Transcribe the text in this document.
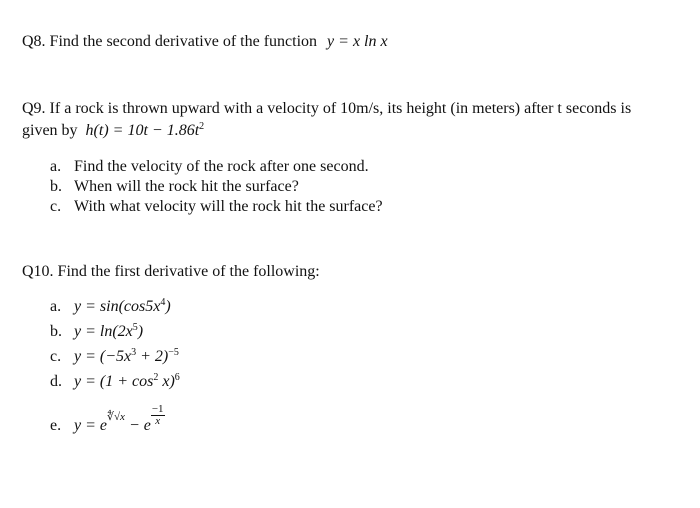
Q8. Find the second derivative of the function y = x ln x
Q9. If a rock is thrown upward with a velocity of 10m/s, its height (in meters) after t seconds is
given by $h(t) = 10t - 1.86t^2$
a. Find the velocity of the rock after one second.
b. When will the rock hit the surface?
c. With what velocity will the rock hit the surface?
Q10. Find the first derivative of the following:
a. $y = \sin(\cos 5x^4)$
b. $y = \ln(2x^5)$
c. $y = (-5x^3 + 2)^{-5}$
d. $y = (1 + \cos^2 x)^6$
e. $y = e^{∜√x} - e \frac{-1}{x}$
